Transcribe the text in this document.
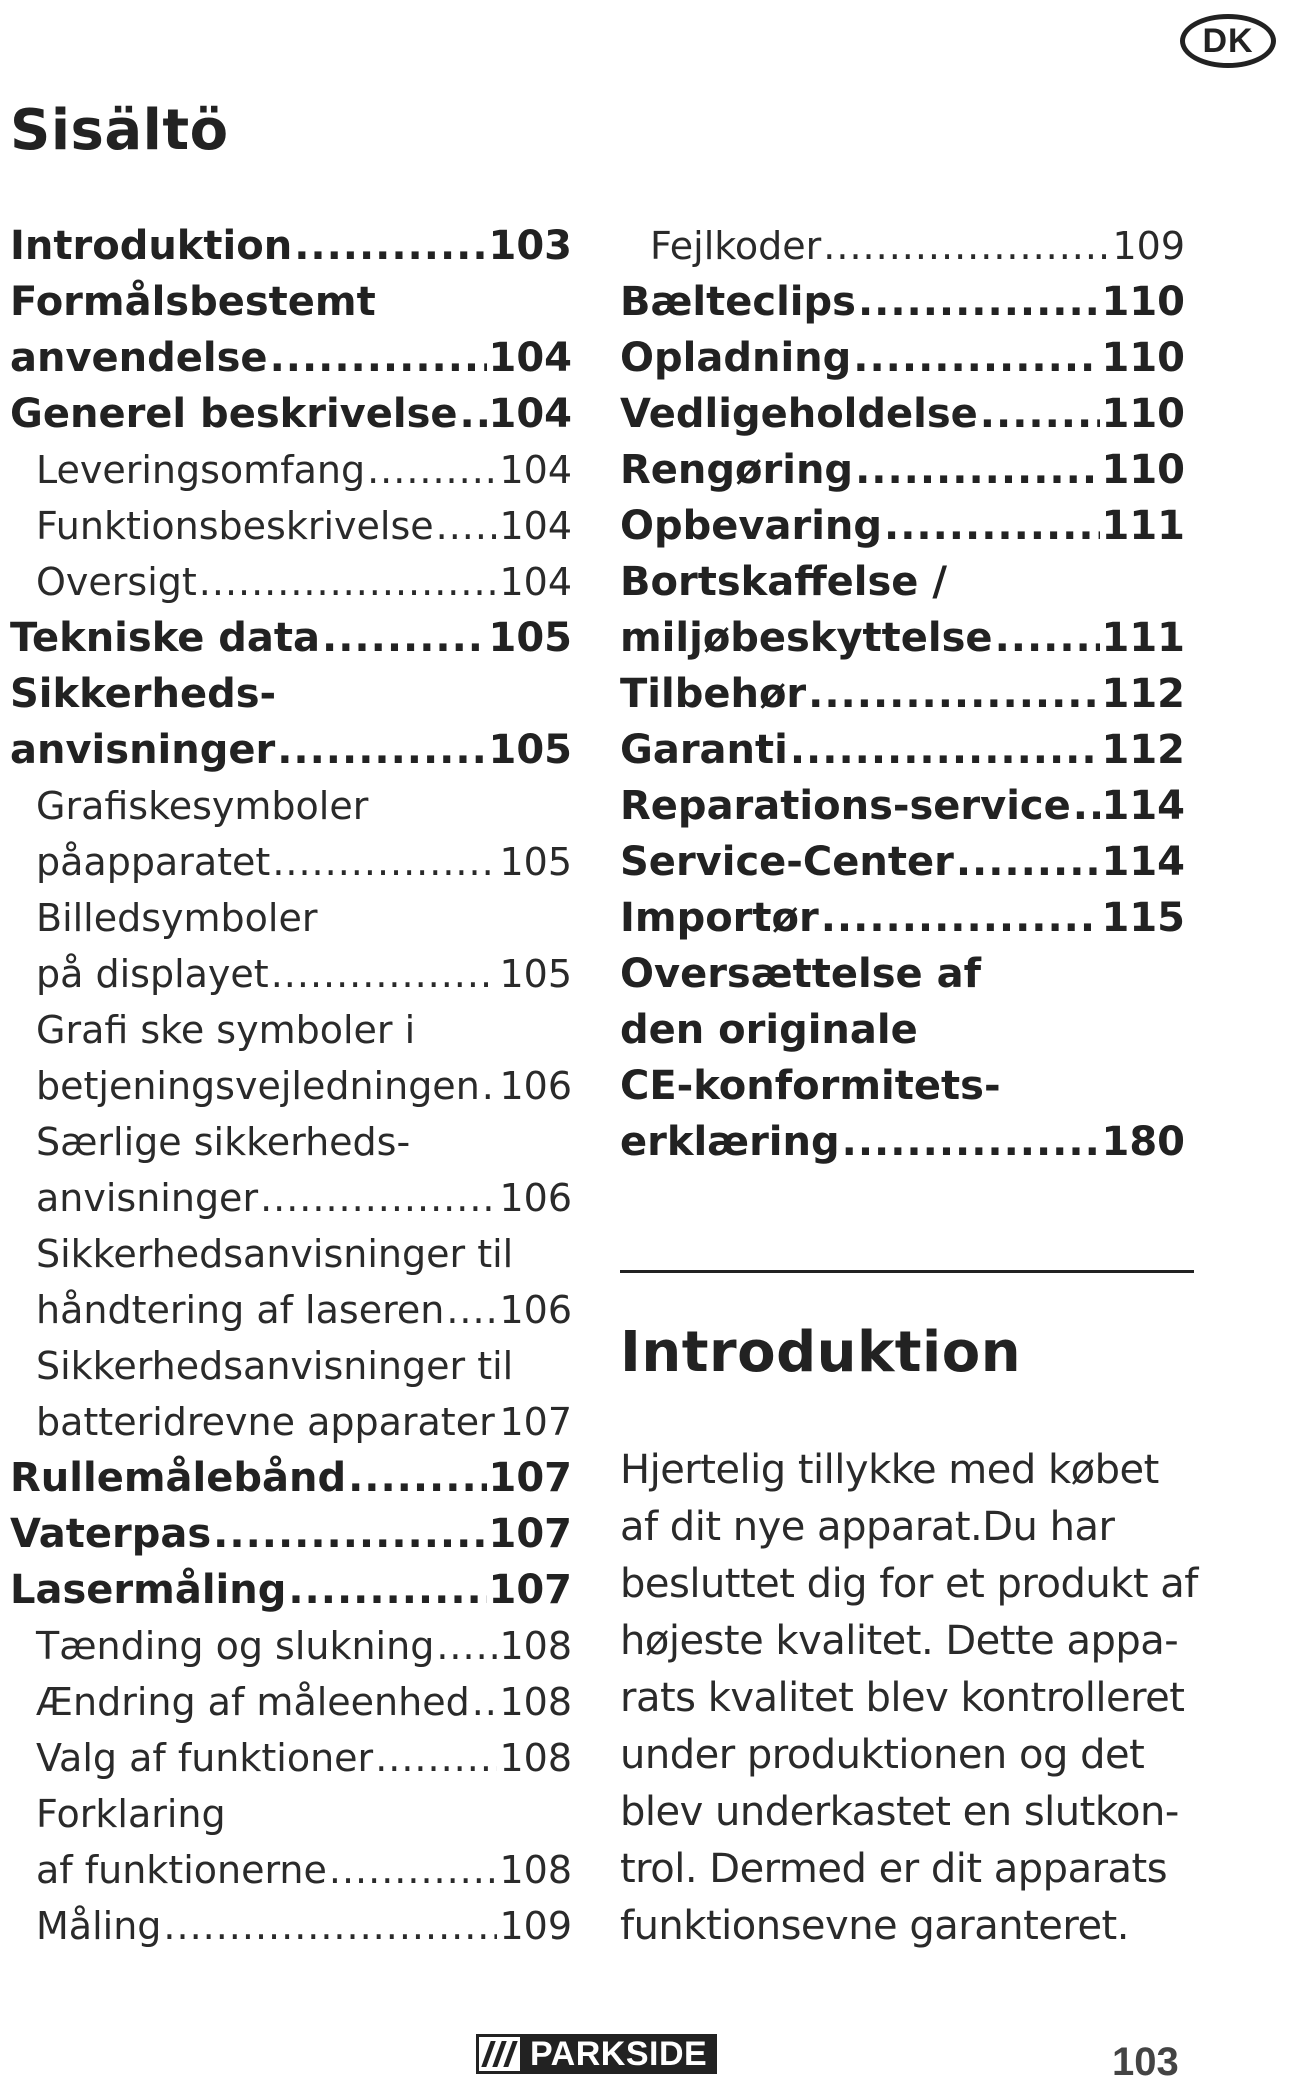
DK
Sisältö
Introduktion .....	103
Formålsbestemt
anvendelse .....	104
Generel beskrivelse ..... 104
Leveringsomfang .....	104
Funktionsbeskrivelse ..... 104
Oversigt .....	104
Tekniske data .....	105
Sikkerheds-
anvisninger .....	105
Grafiskesymboler
påapparatet .....	105
Billedsymboler
på displayet .....	105
Grafi ske symboler i
betjeningsvejledningen ..... 106
Særlige sikkerheds-
anvisninger .....	106
Sikkerhedsanvisninger til
håndtering af laseren ..... 106
Sikkerhedsanvisninger til
batteridrevne apparater ..... 107
Rullemålebånd .....	107
Vaterpas .....	107
Lasermåling .....	107
Tænding og slukning ..... 108
Ændring af måleenhed ..... 108
Valg af funktioner .....	108
Forklaring
af funktionerne .....	108
Måling .....	109
Fejlkoder .....	109
Bælteclips .....	110
Opladning .....	110
Vedligeholdelse .....	110
Rengøring .....	110
Opbevaring .....	111
Bortskaffelse /
miljøbeskyttelse .....	111
Tilbehør .....	112
Garanti .....	112
Reparations-service ..... 114
Service-Center .....	114
Importør .....	115
Oversættelse af
den originale
CE-konformitets-
erklæring .....	180
Introduktion
Hjertelig tillykke med købet
af dit nye apparat.Du har
besluttet dig for et produkt af
højeste kvalitet. Dette appa-
rats kvalitet blev kontrolleret
under produktionen og det
blev underkastet en slutkon-
trol. Dermed er dit apparats
funktionsevne garanteret.
PARKSIDE	103
